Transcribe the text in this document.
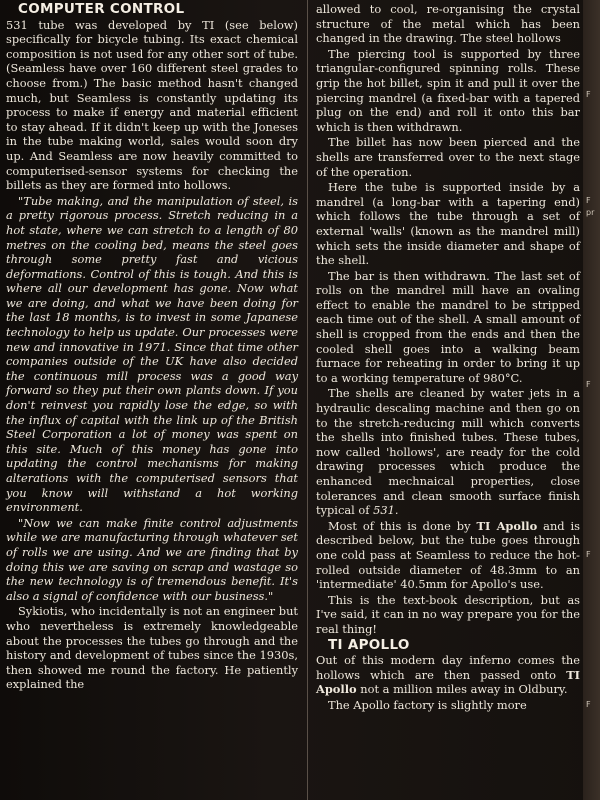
COMPUTER CONTROL

531 tube was developed by TI (see below) specifically for bicycle tubing. Its exact chemical composition is not used for any other sort of tube. (Seamless have over 160 different steel grades to choose from.) The basic method hasn't changed much, but Seamless is constantly updating its process to make if energy and material efficient to stay ahead. If it didn't keep up with the Joneses in the tube making world, sales would soon dry up. And Seamless are now heavily committed to computerised-sensor systems for checking the billets as they are formed into hollows.

"Tube making, and the manipulation of steel, is a pretty rigorous process. Stretch reducing in a hot state, where we can stretch to a length of 80 metres on the cooling bed, means the steel goes through some pretty fast and vicious deformations. Control of this is tough. And this is where all our development has gone. Now what we are doing, and what we have been doing for the last 18 months, is to invest in some Japanese technology to help us update. Our processes were new and innovative in 1971. Since that time other companies outside of the UK have also decided the continuous mill process was a good way forward so they put their own plants down. If you don't reinvest you rapidly lose the edge, so with the influx of capital with the link up of the British Steel Corporation a lot of money was spent on this site. Much of this money has gone into updating the control mechanisms for making alterations with the computerised sensors that you know will withstand a hot working environment.

"Now we can make finite control adjustments while we are manufacturing through whatever set of rolls we are using. And we are finding that by doing this we are saving on scrap and wastage so the new technology is of tremendous benefit. It's also a signal of confidence with our business."

Sykiotis, who incidentally is not an engineer but who nevertheless is extremely knowledgeable about the processes the tubes go through and the history and development of tubes since the 1930s, then showed me round the factory. He patiently explained the

allowed to cool, re-organising the crystal structure of the metal which has been changed in the drawing. The steel hollows

The piercing tool is supported by three triangular-configured spinning rolls. These grip the hot billet, spin it and pull it over the piercing mandrel (a fixed-bar with a tapered plug on the end) and roll it onto this bar which is then withdrawn.

The billet has now been pierced and the shells are transferred over to the next stage of the operation.

Here the tube is supported inside by a mandrel (a long-bar with a tapering end) which follows the tube through a set of external 'walls' (known as the mandrel mill) which sets the inside diameter and shape of the shell.

The bar is then withdrawn. The last set of rolls on the mandrel mill have an ovaling effect to enable the mandrel to be stripped each time out of the shell. A small amount of shell is cropped from the ends and then the cooled shell goes into a walking beam furnace for reheating in order to bring it up to a working temperature of 980°C.

The shells are cleaned by water jets in a hydraulic descaling machine and then go on to the stretch-reducing mill which converts the shells into finished tubes. These tubes, now called 'hollows', are ready for the cold drawing processes which produce the enhanced mechnaical properties, close tolerances and clean smooth surface finish typical of 531.

Most of this is done by TI Apollo and is described below, but the tube goes through one cold pass at Seamless to reduce the hot-rolled outside diameter of 48.3mm to an 'intermediate' 40.5mm for Apollo's use.

This is the text-book description, but as I've said, it can in no way prepare you for the real thing!

TI APOLLO

Out of this modern day inferno comes the hollows which are then passed onto TI Apollo not a million miles away in Oldbury.

The Apollo factory is slightly more

F
F
pr
F
F
F
